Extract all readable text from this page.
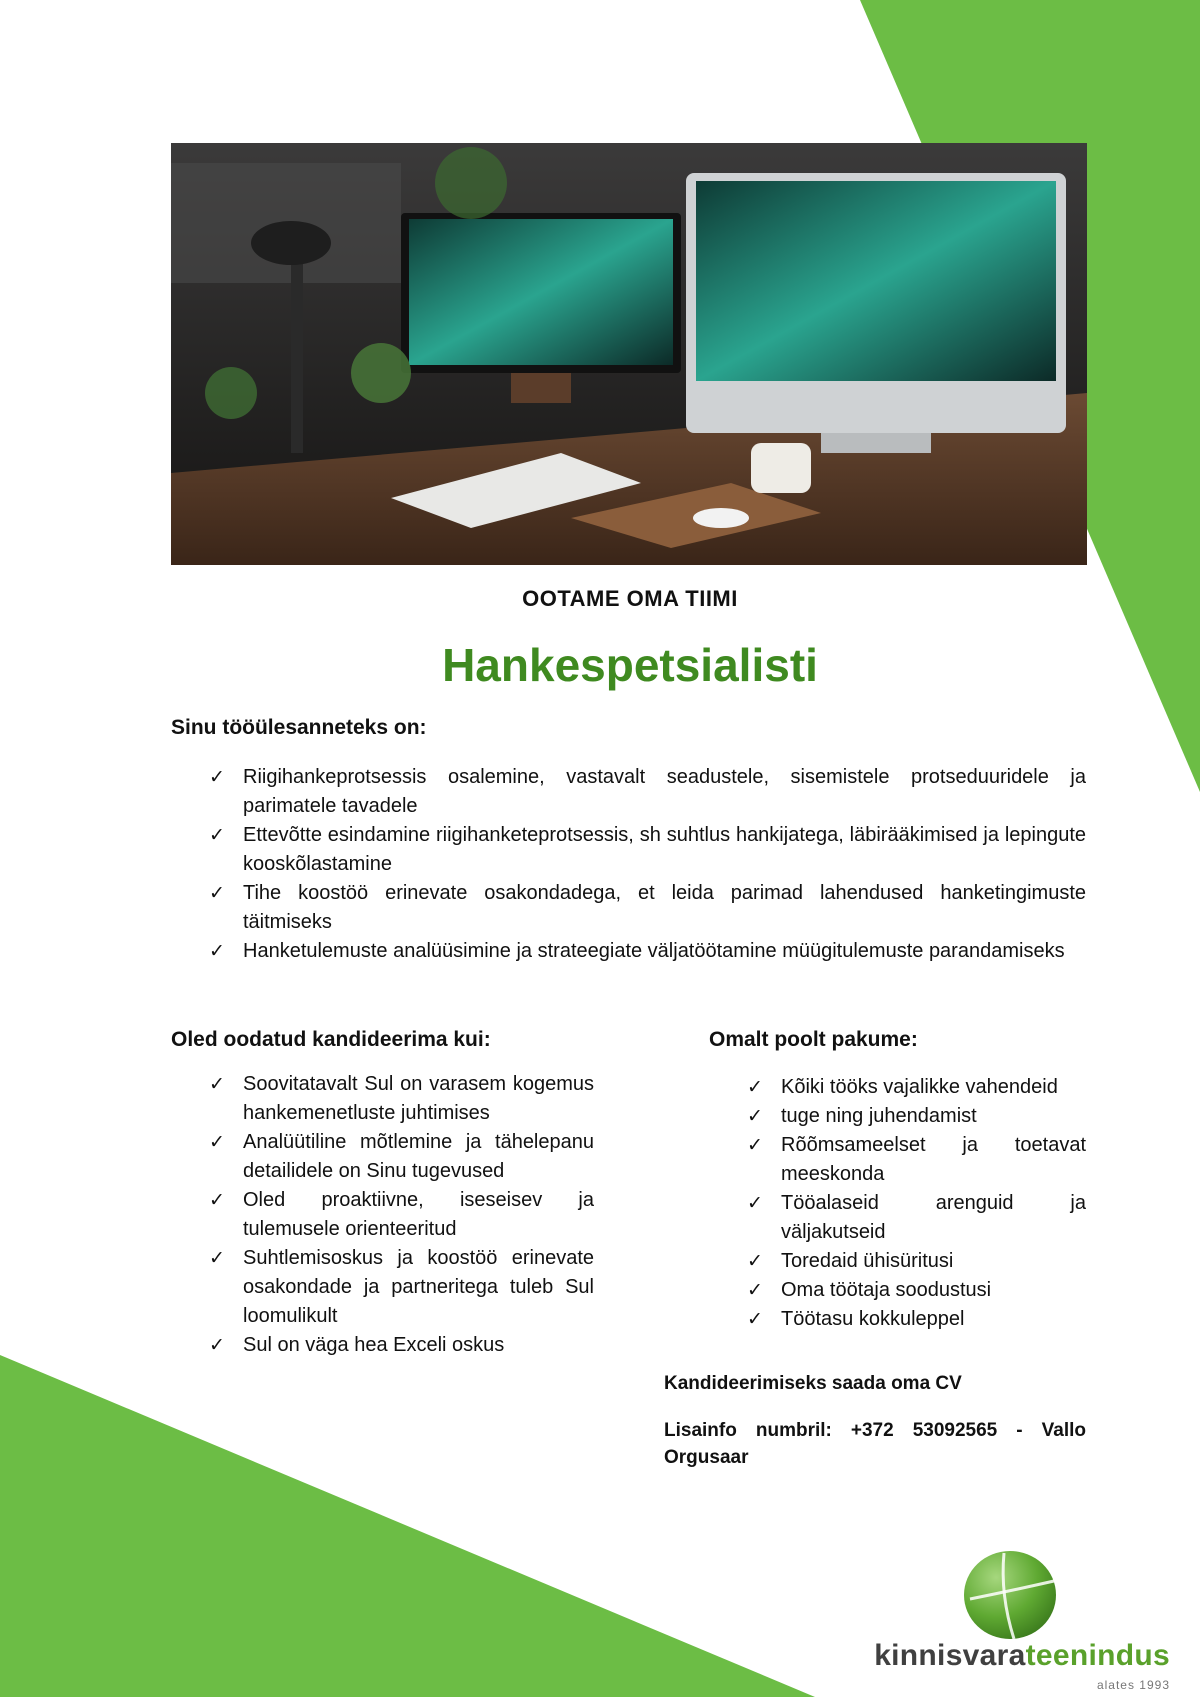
OOTAME OMA TIIMI
Hankespetsialisti
Sinu tööülesanneteks on:
✓ Riigihankeprotsessis osalemine, vastavalt seadustele, sisemistele protseduuridele ja parimatele tavadele
✓ Ettevõtte esindamine riigihanketeprotsessis, sh suhtlus hankijatega, läbirääkimised ja lepingute kooskõlastamine
✓ Tihe koostöö erinevate osakondadega, et leida parimad lahendused hanketingimuste täitmiseks
✓ Hanketulemuste analüüsimine ja strateegiate väljatöötamine müügitulemuste parandamiseks
Oled oodatud kandideerima kui:
✓ Soovitatavalt Sul on varasem kogemus hankemenetluste juhtimises
✓ Analüütiline mõtlemine ja tähelepanu detailidele on Sinu tugevused
✓ Oled proaktiivne, iseseisev ja tulemusele orienteeritud
✓ Suhtlemisoskus ja koostöö erinevate osakondade ja partneritega tuleb Sul loomulikult
✓ Sul on väga hea Exceli oskus
Omalt poolt pakume:
✓ Kõiki tööks vajalikke vahendeid
✓ tuge ning juhendamist
✓ Rõõmsameelset ja toetavat meeskonda
✓ Tööalaseid arenguid ja väljakutseid
✓ Toredaid ühisüritusi
✓ Oma töötaja soodustusi
✓ Töötasu kokkuleppel
Kandideerimiseks saada oma CV
Lisainfo numbril: +372 53092565 - Vallo Orgusaar
kinnisvarateenindus
alates 1993
